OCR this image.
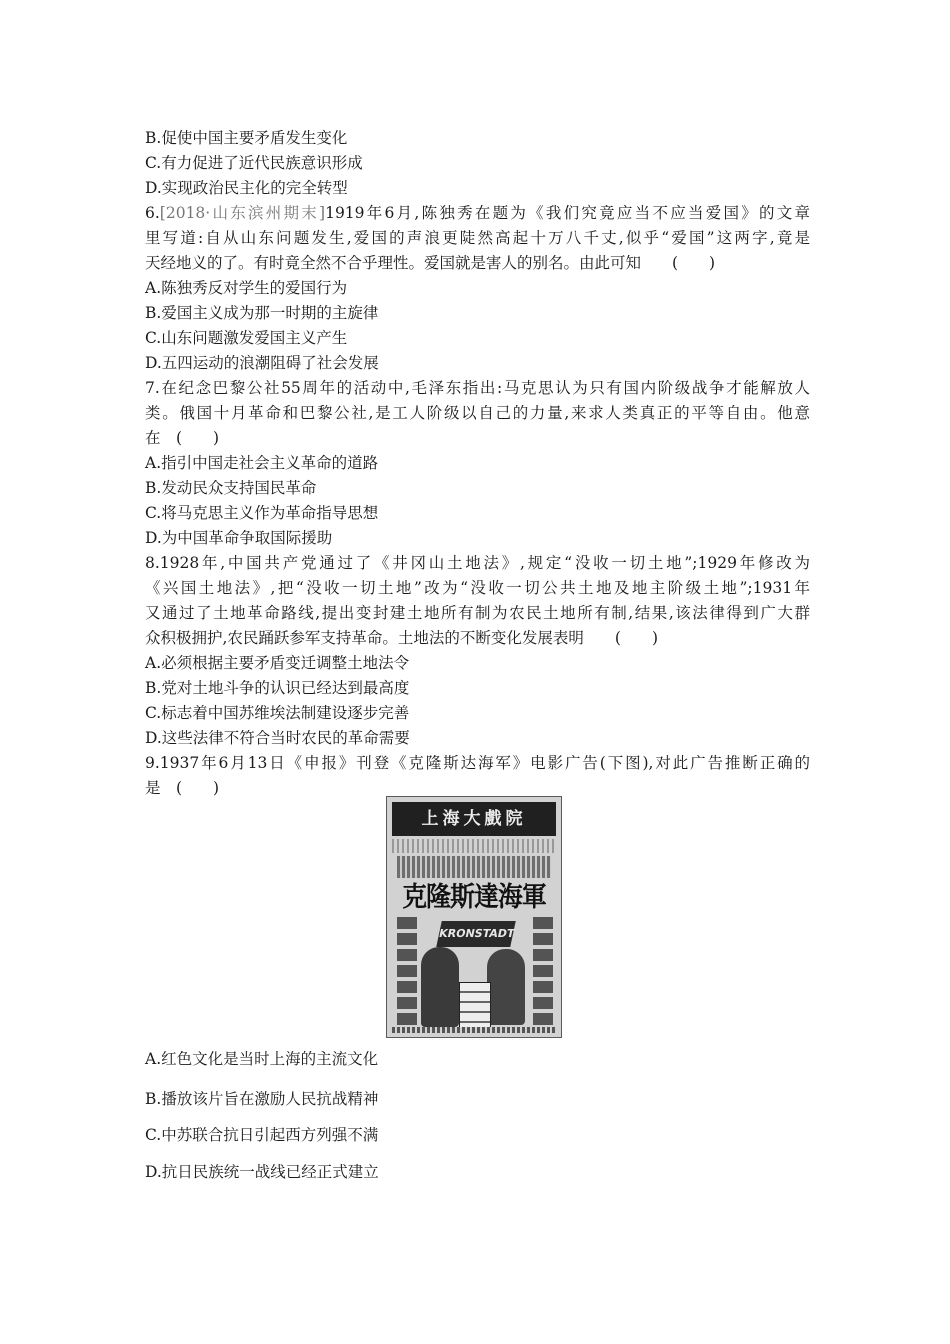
B.促使中国主要矛盾发生变化
C.有力促进了近代民族意识形成
D.实现政治民主化的完全转型
6.[2018·山东滨州期末]1919年6月,陈独秀在题为《我们究竟应当不应当爱国》的文章
里写道:自从山东问题发生,爱国的声浪更陡然高起十万八千丈,似乎“爱国”这两字,竟是
天经地义的了。有时竟全然不合乎理性。爱国就是害人的别名。由此可知　　(　　)
A.陈独秀反对学生的爱国行为
B.爱国主义成为那一时期的主旋律
C.山东问题激发爱国主义产生
D.五四运动的浪潮阻碍了社会发展
7.在纪念巴黎公社55周年的活动中,毛泽东指出:马克思认为只有国内阶级战争才能解放人
类。俄国十月革命和巴黎公社,是工人阶级以自己的力量,来求人类真正的平等自由。他意
在　(　　)
A.指引中国走社会主义革命的道路
B.发动民众支持国民革命
C.将马克思主义作为革命指导思想
D.为中国革命争取国际援助
8.1928年,中国共产党通过了《井冈山土地法》,规定“没收一切土地”;1929年修改为
《兴国土地法》,把“没收一切土地”改为“没收一切公共土地及地主阶级土地”;1931年
又通过了土地革命路线,提出变封建土地所有制为农民土地所有制,结果,该法律得到广大群
众积极拥护,农民踊跃参军支持革命。土地法的不断变化发展表明　　(　　)
A.必须根据主要矛盾变迁调整土地法令
B.党对土地斗争的认识已经达到最高度
C.标志着中国苏维埃法制建设逐步完善
D.这些法律不符合当时农民的革命需要
9.1937年6月13日《申报》刊登《克隆斯达海军》电影广告(下图),对此广告推断正确的
是　(　　)
上海大戲院
克隆斯達海軍
KRONSTADT
A.红色文化是当时上海的主流文化
B.播放该片旨在激励人民抗战精神
C.中苏联合抗日引起西方列强不满
D.抗日民族统一战线已经正式建立
